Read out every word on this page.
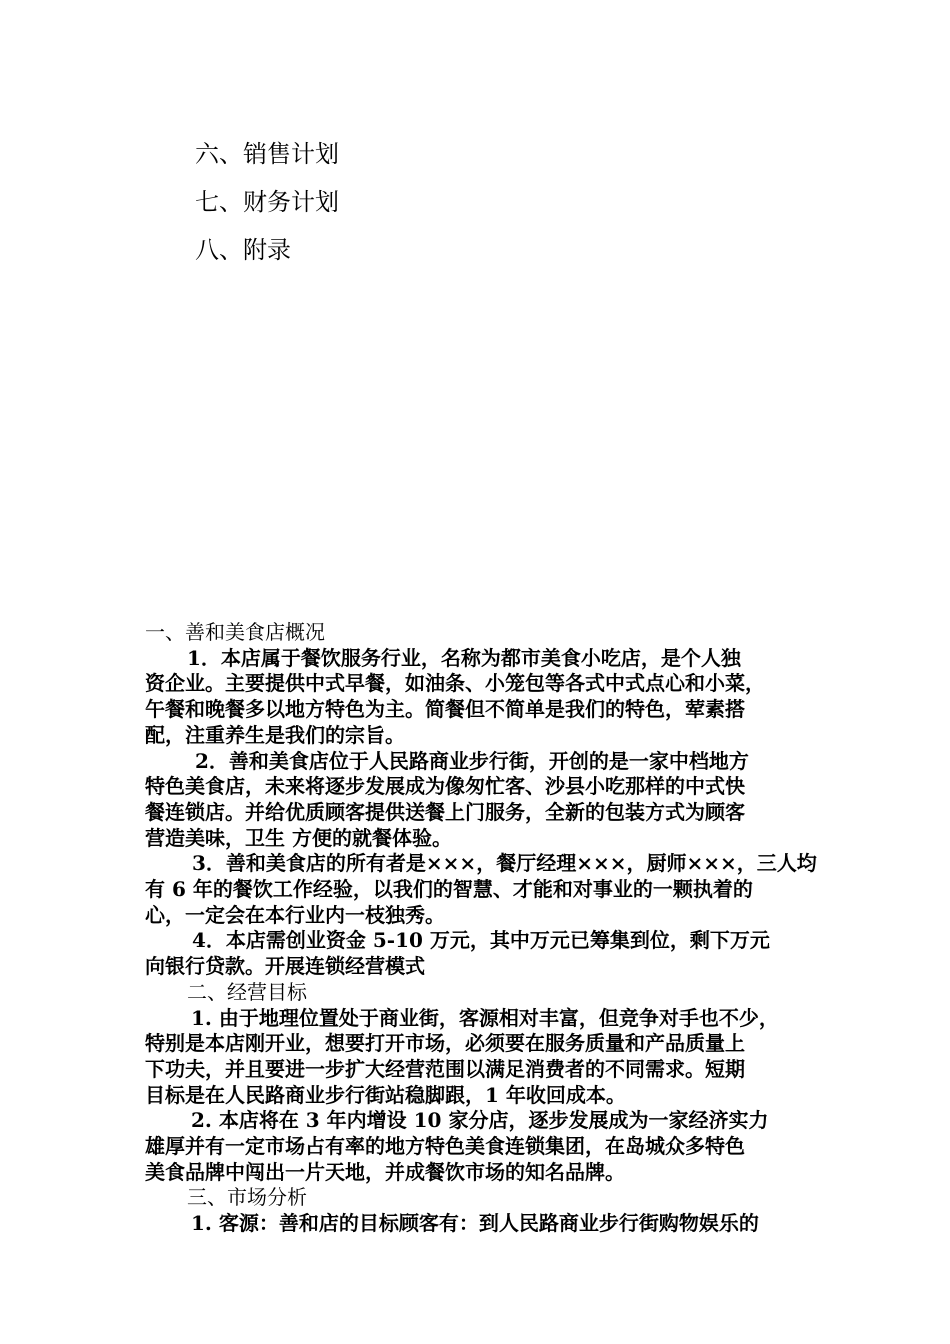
六、销售计划
七、财务计划
八、附录
一、善和美食店概况
1．本店属于餐饮服务行业，名称为都市美食小吃店，是个人独
资企业。主要提供中式早餐，如油条、小笼包等各式中式点心和小菜，
午餐和晚餐多以地方特色为主。简餐但不简单是我们的特色，荤素搭
配，注重养生是我们的宗旨。
2．善和美食店位于人民路商业步行街，开创的是一家中档地方
特色美食店，未来将逐步发展成为像匆忙客、沙县小吃那样的中式快
餐连锁店。并给优质顾客提供送餐上门服务，全新的包装方式为顾客
营造美味，卫生 方便的就餐体验。
3．善和美食店的所有者是×××，餐厅经理×××，厨师×××，三人均
有 6 年的餐饮工作经验，以我们的智慧、才能和对事业的一颗执着的
心，一定会在本行业内一枝独秀。
4．本店需创业资金 5-10 万元，其中万元已筹集到位，剩下万元
向银行贷款。开展连锁经营模式
二、经营目标
1. 由于地理位置处于商业街，客源相对丰富，但竞争对手也不少，
特别是本店刚开业，想要打开市场，必须要在服务质量和产品质量上
下功夫，并且要进一步扩大经营范围以满足消费者的不同需求。短期
目标是在人民路商业步行街站稳脚跟，1 年收回成本。
2. 本店将在 3 年内增设 10 家分店，逐步发展成为一家经济实力
雄厚并有一定市场占有率的地方特色美食连锁集团，在岛城众多特色
美食品牌中闯出一片天地，并成餐饮市场的知名品牌。
三、市场分析
1. 客源：善和店的目标顾客有：到人民路商业步行街购物娱乐的
